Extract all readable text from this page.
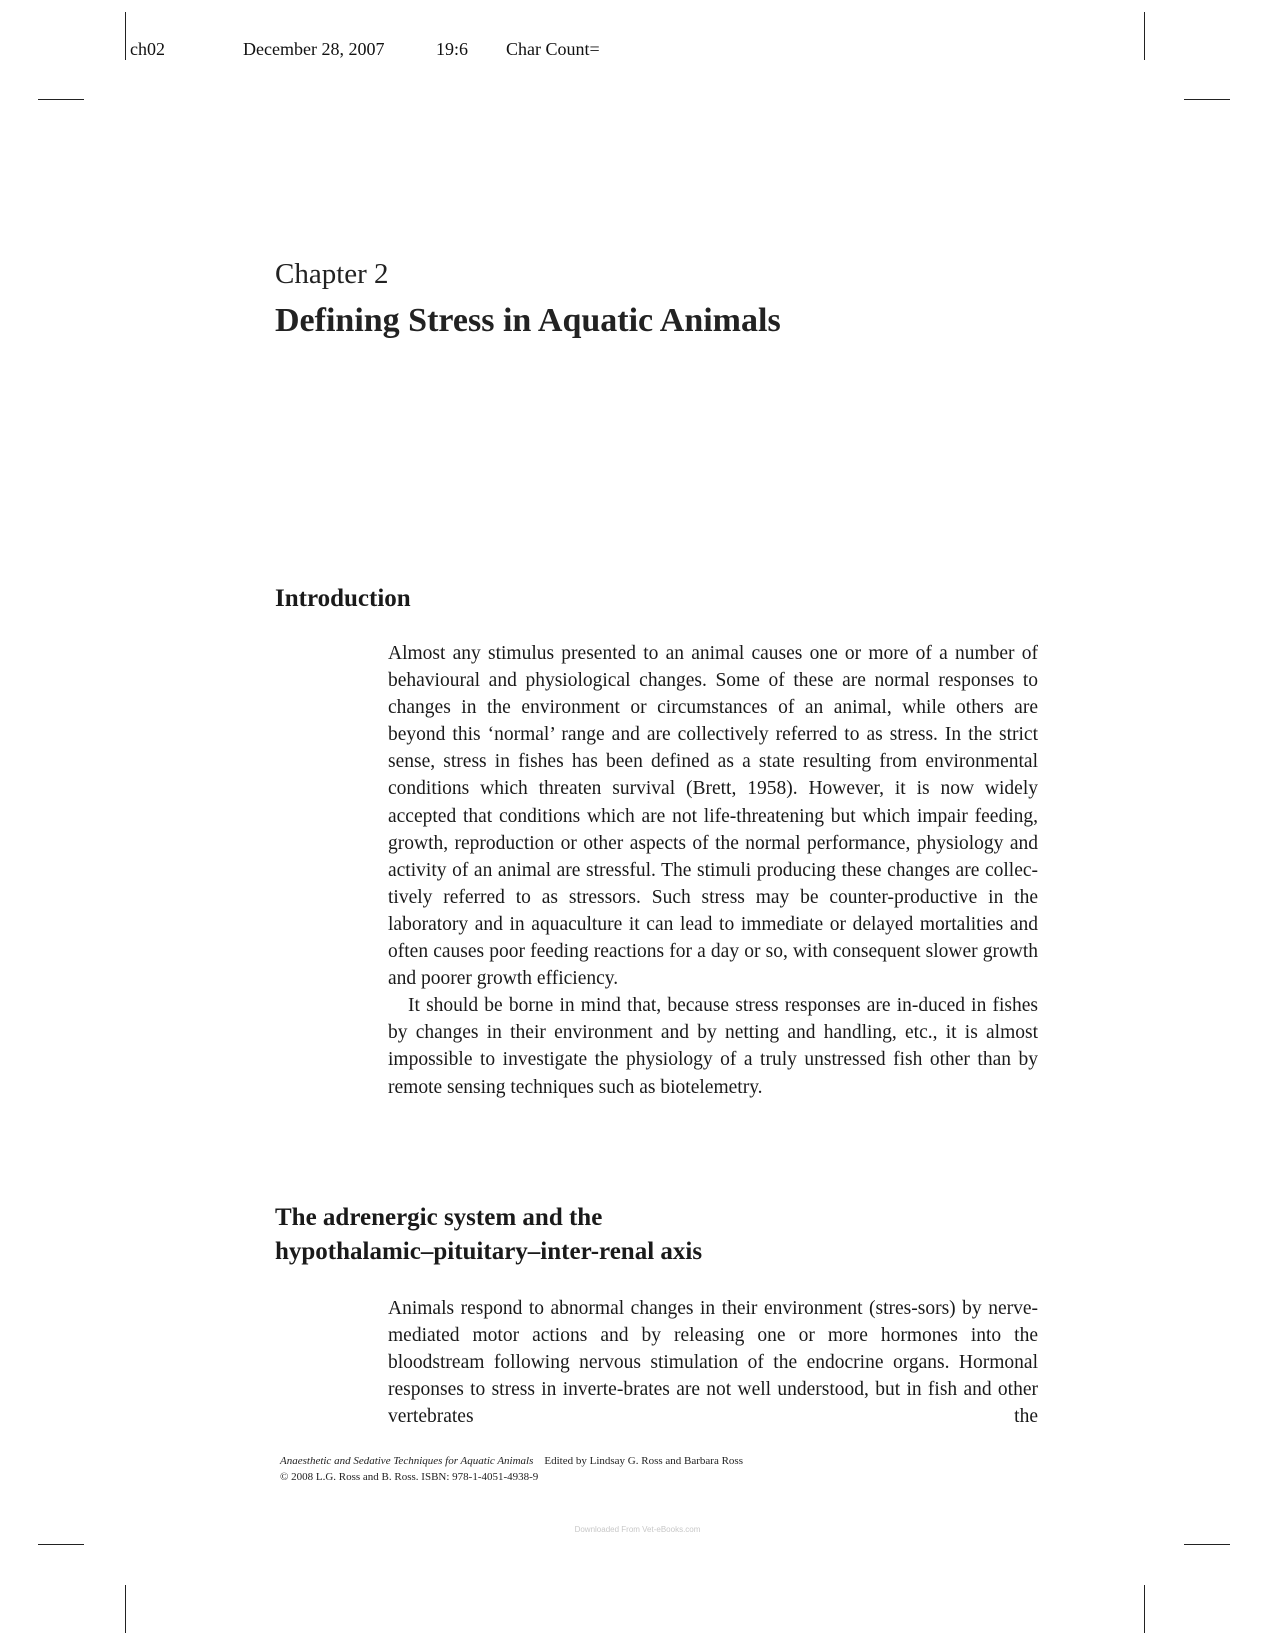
ch02	December 28, 2007	19:6 Char Count=
Chapter 2
Defining Stress in Aquatic Animals
Introduction

Almost any stimulus presented to an animal causes one or more of a number of behavioural and physiological changes. Some of these are normal responses to changes in the environment or circumstances of an animal, while others are beyond this ‘normal’ range and are collectively referred to as stress. In the strict sense, stress in fishes has been defined as a state resulting from environmental conditions which threaten survival (Brett, 1958). However, it is now widely accepted that conditions which are not life-threatening but which impair feeding, growth, reproduction or other aspects of the normal performance, physiology and activity of an animal are stressful. The stimuli producing these changes are collec-tively referred to as stressors. Such stress may be counter-productive in the laboratory and in aquaculture it can lead to immediate or delayed mortalities and often causes poor feeding reactions for a day or so, with consequent slower growth and poorer growth efficiency.

It should be borne in mind that, because stress responses are in-duced in fishes by changes in their environment and by netting and handling, etc., it is almost impossible to investigate the physiology of a truly unstressed fish other than by remote sensing techniques such as biotelemetry.

The adrenergic system and the
hypothalamic–pituitary–inter-renal axis

Animals respond to abnormal changes in their environment (stres-sors) by nerve-mediated motor actions and by releasing one or more hormones into the bloodstream following nervous stimulation of the endocrine organs. Hormonal responses to stress in inverte-brates are not well understood, but in fish and other vertebrates the

Anaesthetic and Sedative Techniques for Aquatic Animals Edited by Lindsay G. Ross and Barbara Ross
© 2008 L.G. Ross and B. Ross. ISBN: 978-1-4051-4938-9
Downloaded From Vet-eBooks.com
